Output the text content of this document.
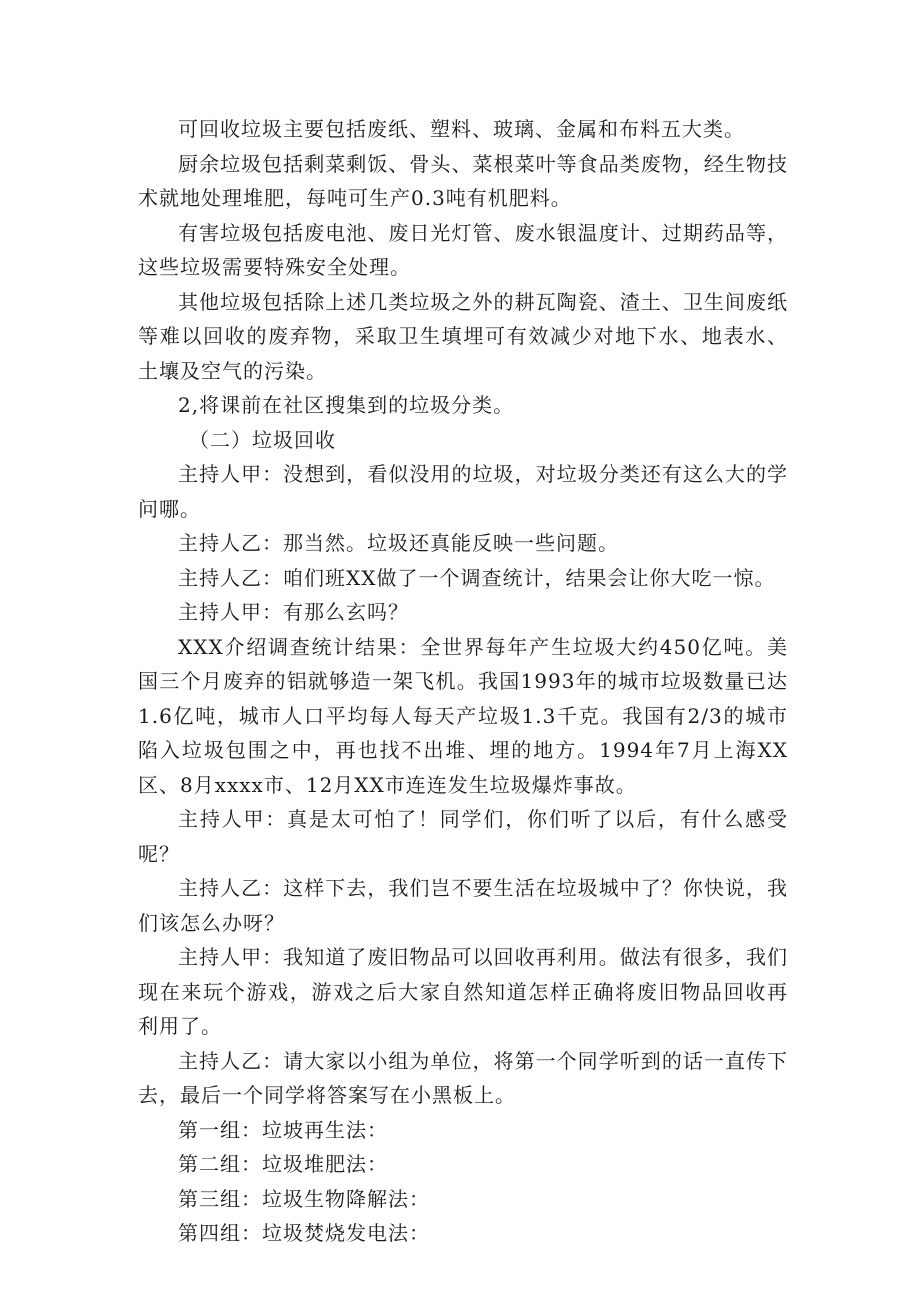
可回收垃圾主要包括废纸、塑料、玻璃、金属和布料五大类。

厨余垃圾包括剩菜剩饭、骨头、菜根菜叶等食品类废物，经生物技术就地处理堆肥，每吨可生产0.3吨有机肥料。

有害垃圾包括废电池、废日光灯管、废水银温度计、过期药品等，这些垃圾需要特殊安全处理。

其他垃圾包括除上述几类垃圾之外的耕瓦陶瓷、渣土、卫生间废纸等难以回收的废弃物，采取卫生填埋可有效减少对地下水、地表水、土壤及空气的污染。

2,将课前在社区搜集到的垃圾分类。

（二）垃圾回收

主持人甲：没想到，看似没用的垃圾，对垃圾分类还有这么大的学问哪。

主持人乙：那当然。垃圾还真能反映一些问题。

主持人乙：咱们班XX做了一个调查统计，结果会让你大吃一惊。

主持人甲：有那么玄吗？

XXX介绍调查统计结果：全世界每年产生垃圾大约450亿吨。美国三个月废弃的铝就够造一架飞机。我国1993年的城市垃圾数量已达1.6亿吨，城市人口平均每人每天产垃圾1.3千克。我国有2/3的城市陷入垃圾包围之中，再也找不出堆、埋的地方。1994年7月上海XX区、8月xxxx市、12月XX市连连发生垃圾爆炸事故。

主持人甲：真是太可怕了！同学们，你们听了以后，有什么感受呢？

主持人乙：这样下去，我们岂不要生活在垃圾城中了？你快说，我们该怎么办呀？

主持人甲：我知道了废旧物品可以回收再利用。做法有很多，我们现在来玩个游戏，游戏之后大家自然知道怎样正确将废旧物品回收再利用了。

主持人乙：请大家以小组为单位，将第一个同学听到的话一直传下去，最后一个同学将答案写在小黑板上。

第一组：垃坡再生法：

第二组：垃圾堆肥法：

第三组：垃圾生物降解法：

第四组：垃圾焚烧发电法：
